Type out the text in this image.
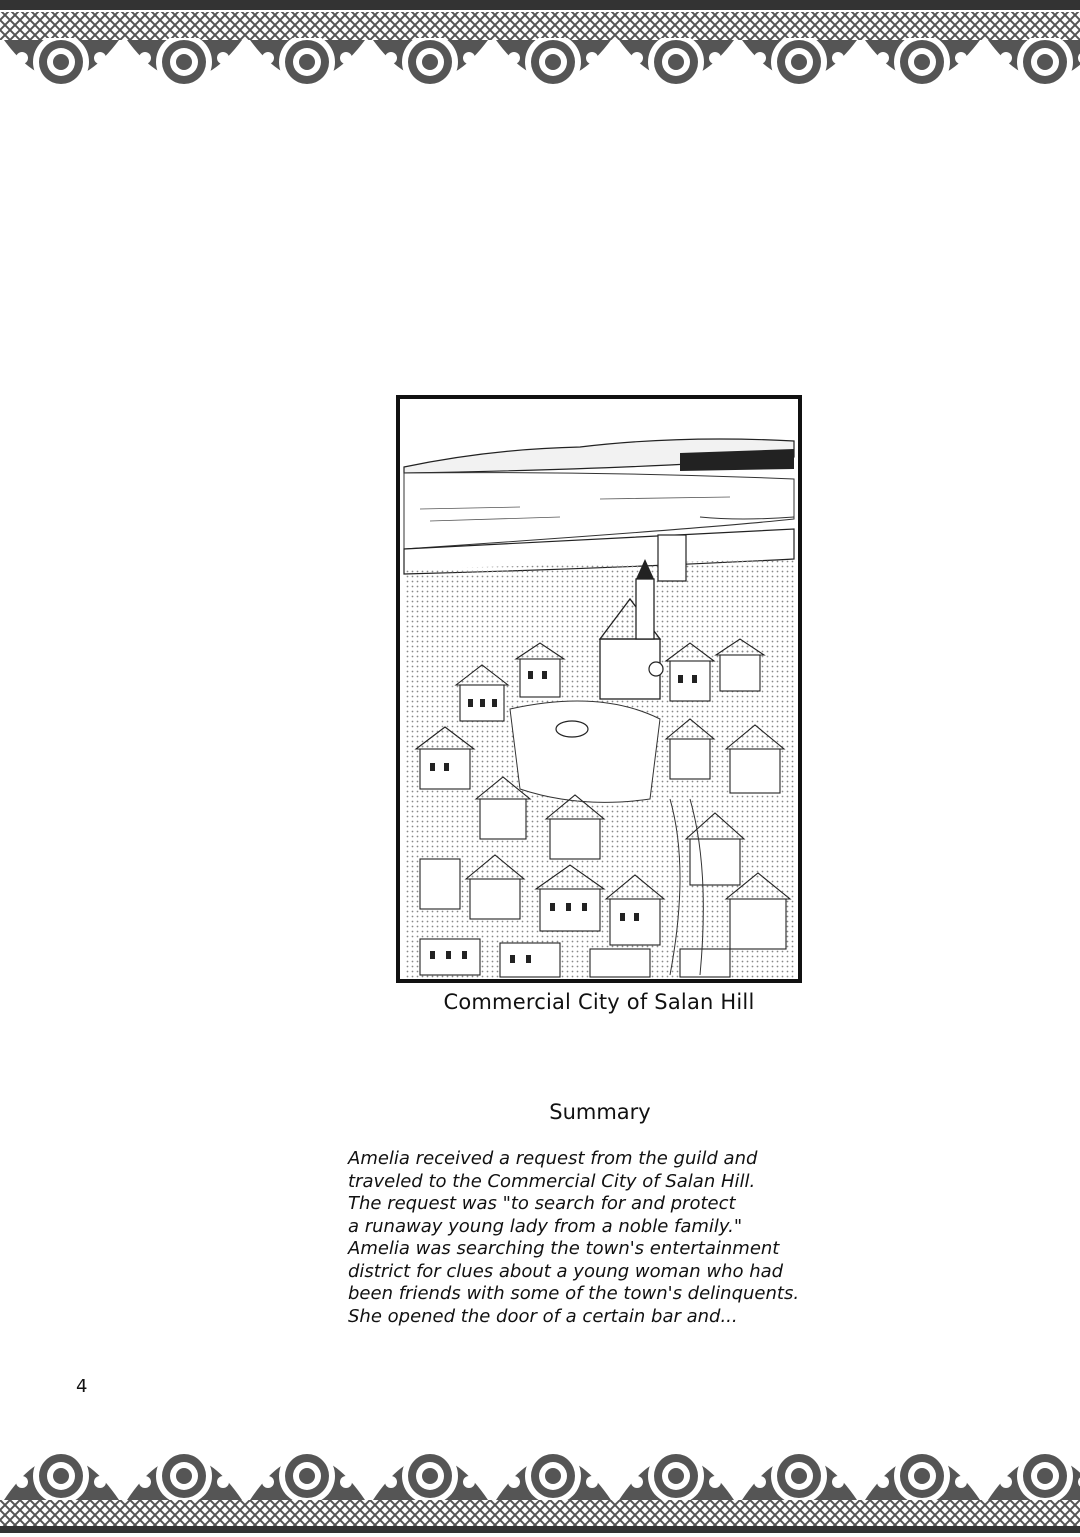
Commercial City of Salan Hill
Summary
Amelia received a request from the guild and
traveled to the Commercial City of Salan Hill.
The request was "to search for and protect
a runaway young lady from a noble family."
Amelia was searching the town's entertainment
district for clues about a young woman who had
been friends with some of the town's delinquents.
She opened the door of a certain bar and...
4
